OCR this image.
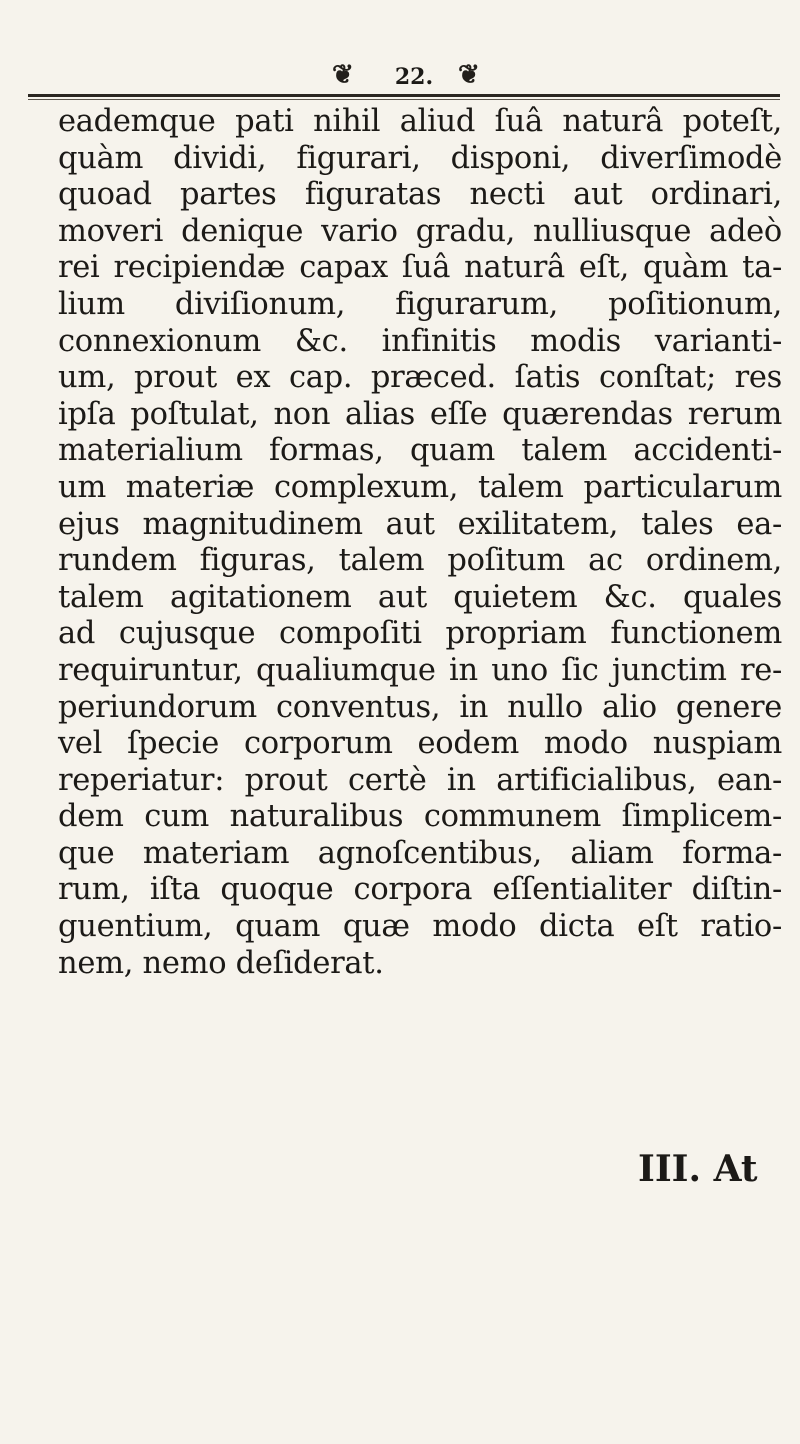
❦	22. ❦
eademque pati nihil aliud ſuâ naturâ poteſt,
quàm dividi, figurari, disponi, diverſimodè
quoad partes figuratas necti aut ordinari,
moveri denique vario gradu, nulliusque adeò
rei recipiendæ capax ſuâ naturâ eſt, quàm ta-
lium diviſionum, figurarum, poſitionum,
connexionum &c. infinitis modis varianti-
um, prout ex cap. præced. ſatis conſtat; res
ipſa poſtulat, non alias eſſe quærendas rerum
materialium formas, quam talem accidenti-
um materiæ complexum, talem particularum
ejus magnitudinem aut exilitatem, tales ea-
rundem figuras, talem poſitum ac ordinem,
talem agitationem aut quietem &c. quales
ad cujusque compoſiti propriam functionem
requiruntur, qualiumque in uno ſic junctim re-
periundorum conventus, in nullo alio genere
vel ſpecie corporum eodem modo nuspiam
reperiatur: prout certè in artificialibus, ean-
dem cum naturalibus communem ſimplicem-
que materiam agnoſcentibus, aliam forma-
rum, iſta quoque corpora eſſentialiter diſtin-
guentium, quam quæ modo dicta eſt ratio-
nem, nemo deſiderat.
III. At
